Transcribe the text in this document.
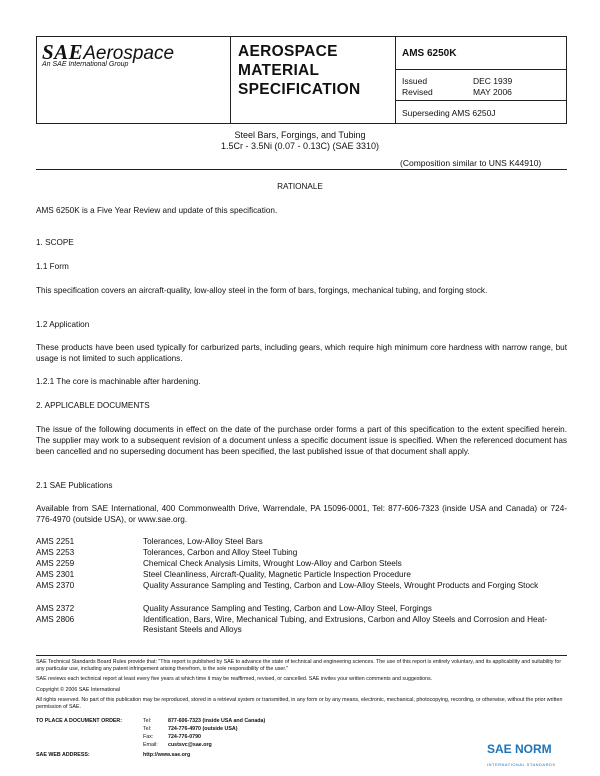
SAEAerospace
An SAE International Group
AEROSPACE
MATERIAL
SPECIFICATION
AMS 6250K
Issued	DEC 1939
Revised	MAY 2006
Superseding AMS 6250J
Steel Bars, Forgings, and Tubing
1.5Cr - 3.5Ni (0.07 - 0.13C) (SAE 3310)
(Composition similar to UNS K44910)
RATIONALE
AMS 6250K is a Five Year Review and update of this specification.
1. SCOPE
1.1 Form
This specification covers an aircraft-quality, low-alloy steel in the form of bars, forgings, mechanical tubing, and forging stock.
1.2 Application
These products have been used typically for carburized parts, including gears, which require high minimum core hardness with narrow range, but usage is not limited to such applications.
1.2.1 The core is machinable after hardening.
2. APPLICABLE DOCUMENTS
The issue of the following documents in effect on the date of the purchase order forms a part of this specification to the extent specified herein. The supplier may work to a subsequent revision of a document unless a specific document issue is specified. When the referenced document has been cancelled and no superseding document has been specified, the last published issue of that document shall apply.
2.1 SAE Publications
Available from SAE International, 400 Commonwealth Drive, Warrendale, PA 15096-0001, Tel: 877-606-7323 (inside USA and Canada) or 724-776-4970 (outside USA), or www.sae.org.
AMS 2251	Tolerances, Low-Alloy Steel Bars
AMS 2253	Tolerances, Carbon and Alloy Steel Tubing
AMS 2259	Chemical Check Analysis Limits, Wrought Low-Alloy and Carbon Steels
AMS 2301	Steel Cleanliness, Aircraft-Quality, Magnetic Particle Inspection Procedure
AMS 2370	Quality Assurance Sampling and Testing, Carbon and Low-Alloy Steels, Wrought Products and Forging Stock
AMS 2372	Quality Assurance Sampling and Testing, Carbon and Low-Alloy Steel, Forgings
AMS 2806	Identification, Bars, Wire, Mechanical Tubing, and Extrusions, Carbon and Alloy Steels and Corrosion and Heat-Resistant Steels and Alloys
SAE Technical Standards Board Rules provide that: "This report is published by SAE to advance the state of technical and engineering sciences. The use of this report is entirely voluntary, and its applicability and suitability for any particular use, including any patent infringement arising therefrom, is the sole responsibility of the user."
SAE reviews each technical report at least every five years at which time it may be reaffirmed, revised, or cancelled. SAE invites your written comments and suggestions.
Copyright © 2006 SAE International
All rights reserved. No part of this publication may be reproduced, stored in a retrieval system or transmitted, in any form or by any means, electronic, mechanical, photocopying, recording, or otherwise, without the prior written permission of SAE.
TO PLACE A DOCUMENT ORDER:	Tel:	877-606-7323 (inside USA and Canada)
Tel:	724-776-4970 (outside USA)
Fax:	724-776-0790
Email: custsvc@sae.org
SAE WEB ADDRESS:	http://www.sae.org	SAE NORM
INTERNATIONAL STANDARDS
